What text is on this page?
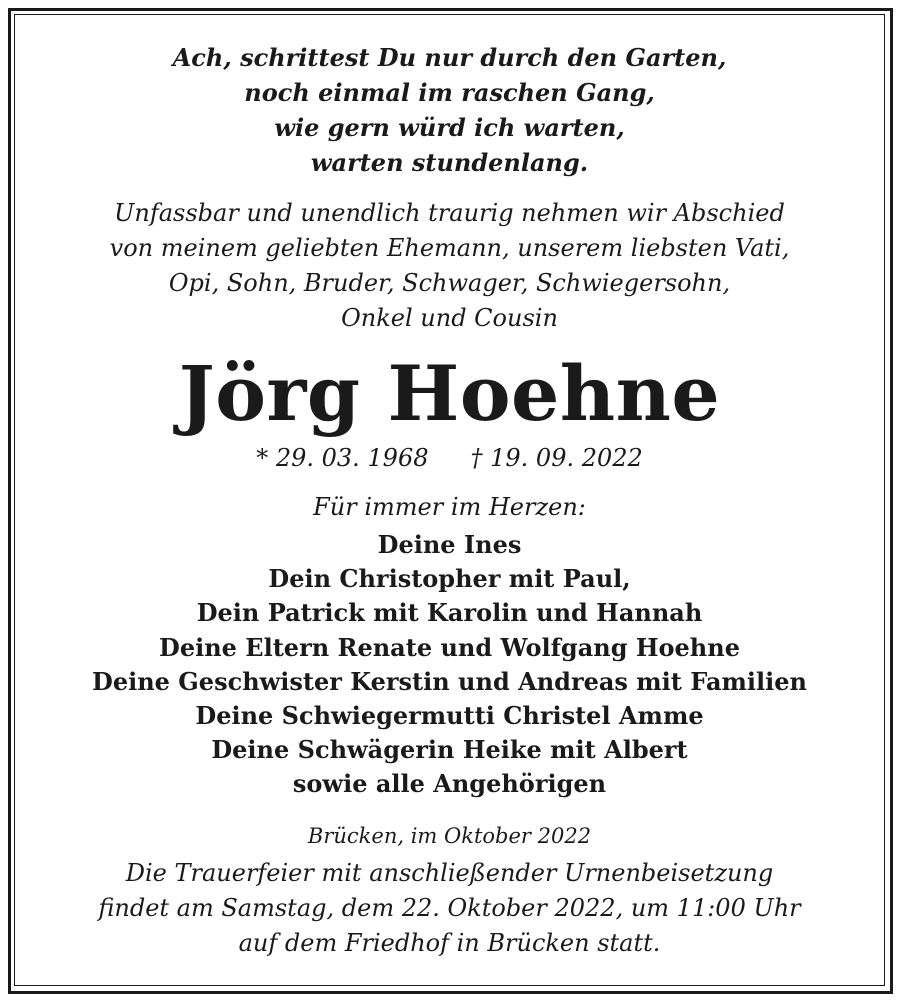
Ach, schrittest Du nur durch den Garten,
noch einmal im raschen Gang,
wie gern würd ich warten,
warten stundenlang.
Unfassbar und unendlich traurig nehmen wir Abschied
von meinem geliebten Ehemann, unserem liebsten Vati,
Opi, Sohn, Bruder, Schwager, Schwiegersohn,
Onkel und Cousin
Jörg Hoehne
* 29. 03. 1968 † 19. 09. 2022
Für immer im Herzen:
Deine Ines
Dein Christopher mit Paul,
Dein Patrick mit Karolin und Hannah
Deine Eltern Renate und Wolfgang Hoehne
Deine Geschwister Kerstin und Andreas mit Familien
Deine Schwiegermutti Christel Amme
Deine Schwägerin Heike mit Albert
sowie alle Angehörigen
Brücken, im Oktober 2022
Die Trauerfeier mit anschließender Urnenbeisetzung
findet am Samstag, dem 22. Oktober 2022, um 11:00 Uhr
auf dem Friedhof in Brücken statt.
